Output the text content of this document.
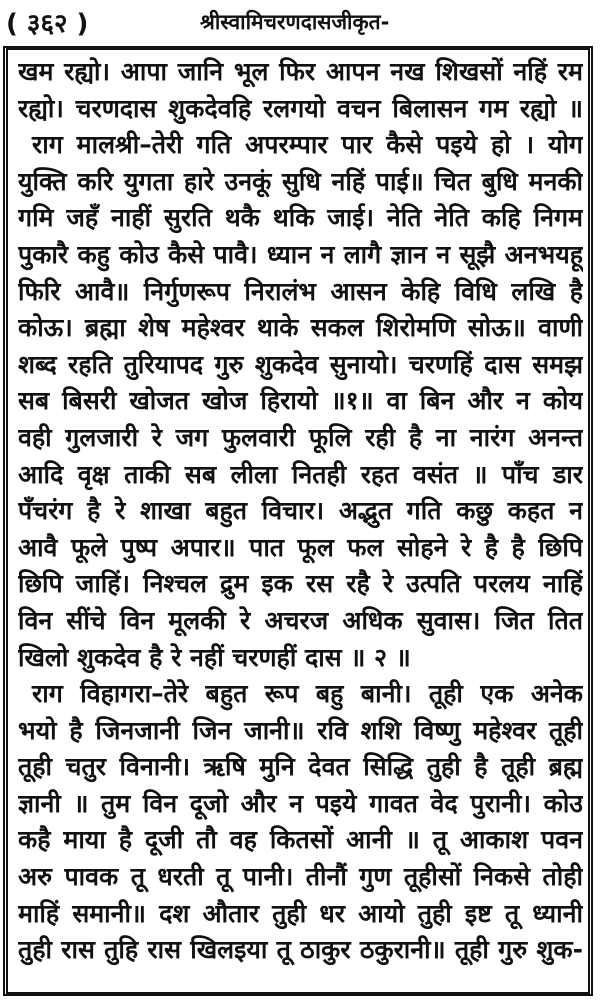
( ३६२ )	श्रीस्वामिचरणदासजीकृत-
खम रह्यो। आपा जानि भूल फिर आपन नख शिखसों नहिं रम
रह्यो। चरणदास शुकदेवहि रलगयो वचन बिलासन गम रह्यो ॥
राग मालश्री–तेरी गति अपरम्पार पार कैसे पइये हो । योग
युक्ति करि युगता हारे उनकूं सुधि नहिं पाई॥ चित बुधि मनकी
गमि जहँ नाहीं सुरति थकै थकि जाई। नेति नेति कहि निगम
पुकारै कहु कोउ कैसे पावै। ध्यान न लागै ज्ञान न सूझै अनभयहू
फिरि आवै॥ निर्गुणरूप निरालंभ आसन केहि विधि लखि है
कोऊ। ब्रह्मा शेष महेश्वर थाके सकल शिरोमणि सोऊ॥ वाणी
शब्द रहति तुरियापद गुरु शुकदेव सुनायो। चरणहिं दास समझ
सब बिसरी खोजत खोज हिरायो ॥१॥ वा बिन और न कोय
वही गुलजारी रे जग फुलवारी फूलि रही है ना नारंग अनन्त
आदि वृक्ष ताकी सब लीला नितही रहत वसंत ॥ पाँच डार
पँचरंग है रे शाखा बहुत विचार। अद्भुत गति कछु कहत न
आवै फूले पुष्प अपार॥ पात फूल फल सोहने रे है है छिपि
छिपि जाहिं। निश्चल द्रुम इक रस रहै रे उत्पति परलय नाहिं
विन सींचे विन मूलकी रे अचरज अधिक सुवास। जित तित
खिलो शुकदेव है रे नहीं चरणहीं दास ॥ २ ॥
राग विहागरा–तेरे बहुत रूप बहु बानी। तूही एक अनेक
भयो है जिनजानी जिन जानी॥ रवि शशि विष्णु महेश्वर तूही
तूही चतुर विनानी। ऋषि मुनि देवत सिद्धि तुही है तूही ब्रह्म
ज्ञानी ॥ तुम विन दूजो और न पइये गावत वेद पुरानी। कोउ
कहै माया है दूजी तौ वह कितसों आनी ॥ तू आकाश पवन
अरु पावक तू धरती तू पानी। तीनौं गुण तूहीसों निकसे तोही
माहिं समानी॥ दश औतार तुही धर आयो तुही इष्ट तू ध्यानी
तुही रास तुहि रास खिलइया तू ठाकुर ठकुरानी॥ तूही गुरु शुक-
